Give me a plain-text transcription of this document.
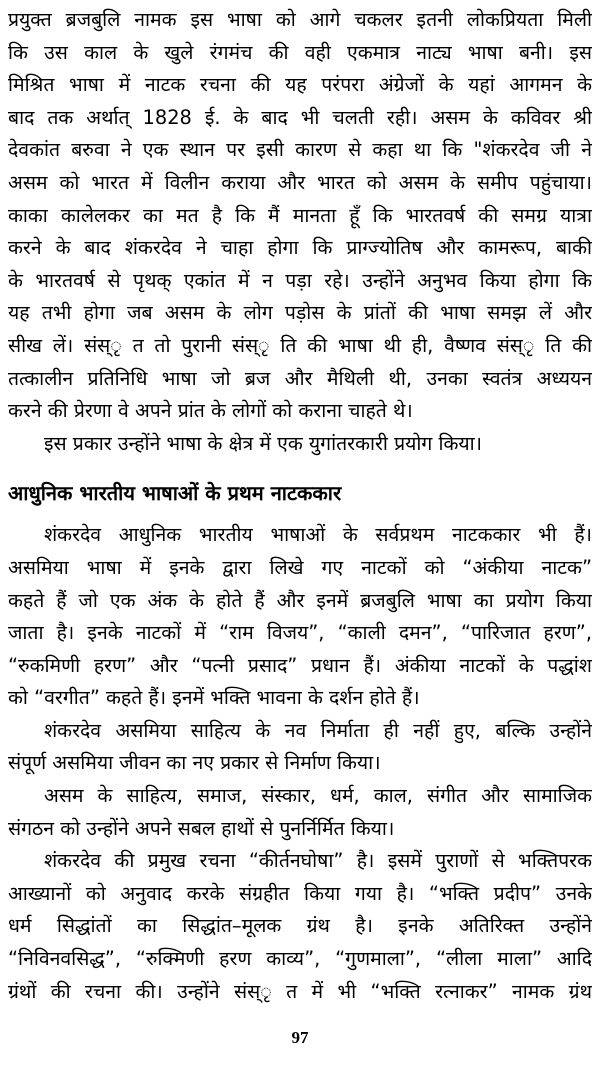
प्रयुक्त ब्रजबुलि नामक इस भाषा को आगे चकलर इतनी लोकप्रियता मिली
कि उस काल के खुले रंगमंच की वही एकमात्र नाट्य भाषा बनी। इस
मिश्रित भाषा में नाटक रचना की यह परंपरा अंग्रेजों के यहां आगमन के
बाद तक अर्थात् 1828 ई. के बाद भी चलती रही। असम के कविवर श्री
देवकांत बरुवा ने एक स्थान पर इसी कारण से कहा था कि "शंकरदेव जी ने
असम को भारत में विलीन कराया और भारत को असम के समीप पहुंचाया।
काका कालेलकर का मत है कि मैं मानता हूँ कि भारतवर्ष की समग्र यात्रा
करने के बाद शंकरदेव ने चाहा होगा कि प्राग्ज्योतिष और कामरूप, बाकी
के भारतवर्ष से पृथक् एकांत में न पड़ा रहे। उन्होंने अनुभव किया होगा कि
यह तभी होगा जब असम के लोग पड़ोस के प्रांतों की भाषा समझ लें और
सीख लें। संस्ृ त तो पुरानी संस्ृ ति की भाषा थी ही, वैष्णव संस्ृ ति की
तत्कालीन प्रतिनिधि भाषा जो ब्रज और मैथिली थी, उनका स्वतंत्र अध्ययन
करने की प्रेरणा वे अपने प्रांत के लोगों को कराना चाहते थे।
इस प्रकार उन्होंने भाषा के क्षेत्र में एक युगांतरकारी प्रयोग किया।
आधुनिक भारतीय भाषाओं के प्रथम नाटककार
शंकरदेव आधुनिक भारतीय भाषाओं के सर्वप्रथम नाटककार भी हैं।
असमिया भाषा में इनके द्वारा लिखे गए नाटकों को “अंकीया नाटक”
कहते हैं जो एक अंक के होते हैं और इनमें ब्रजबुलि भाषा का प्रयोग किया
जाता है। इनके नाटकों में “राम विजय”, “काली दमन”, “पारिजात हरण”,
“रुकमिणी हरण” और “पत्नी प्रसाद” प्रधान हैं। अंकीया नाटकों के पद्धांश
को “वरगीत” कहते हैं। इनमें भक्ति भावना के दर्शन होते हैं।
शंकरदेव असमिया साहित्य के नव निर्माता ही नहीं हुए, बल्कि उन्होंने
संपूर्ण असमिया जीवन का नए प्रकार से निर्माण किया।
असम के साहित्य, समाज, संस्कार, धर्म, काल, संगीत और सामाजिक
संगठन को उन्होंने अपने सबल हाथों से पुनर्निर्मित किया।
शंकरदेव की प्रमुख रचना “कीर्तनघोषा” है। इसमें पुराणों से भक्तिपरक
आख्यानों को अनुवाद करके संग्रहीत किया गया है। “भक्ति प्रदीप” उनके
धर्म सिद्धांतों का सिद्धांत–मूलक ग्रंथ है। इनके अतिरिक्त उन्होंने
“निविनवसिद्ध”, “रुक्मिणी हरण काव्य”, “गुणमाला”, “लीला माला” आदि
ग्रंथों की रचना की। उन्होंने संस्ृ त में भी “भक्ति रत्नाकर” नामक ग्रंथ
97
